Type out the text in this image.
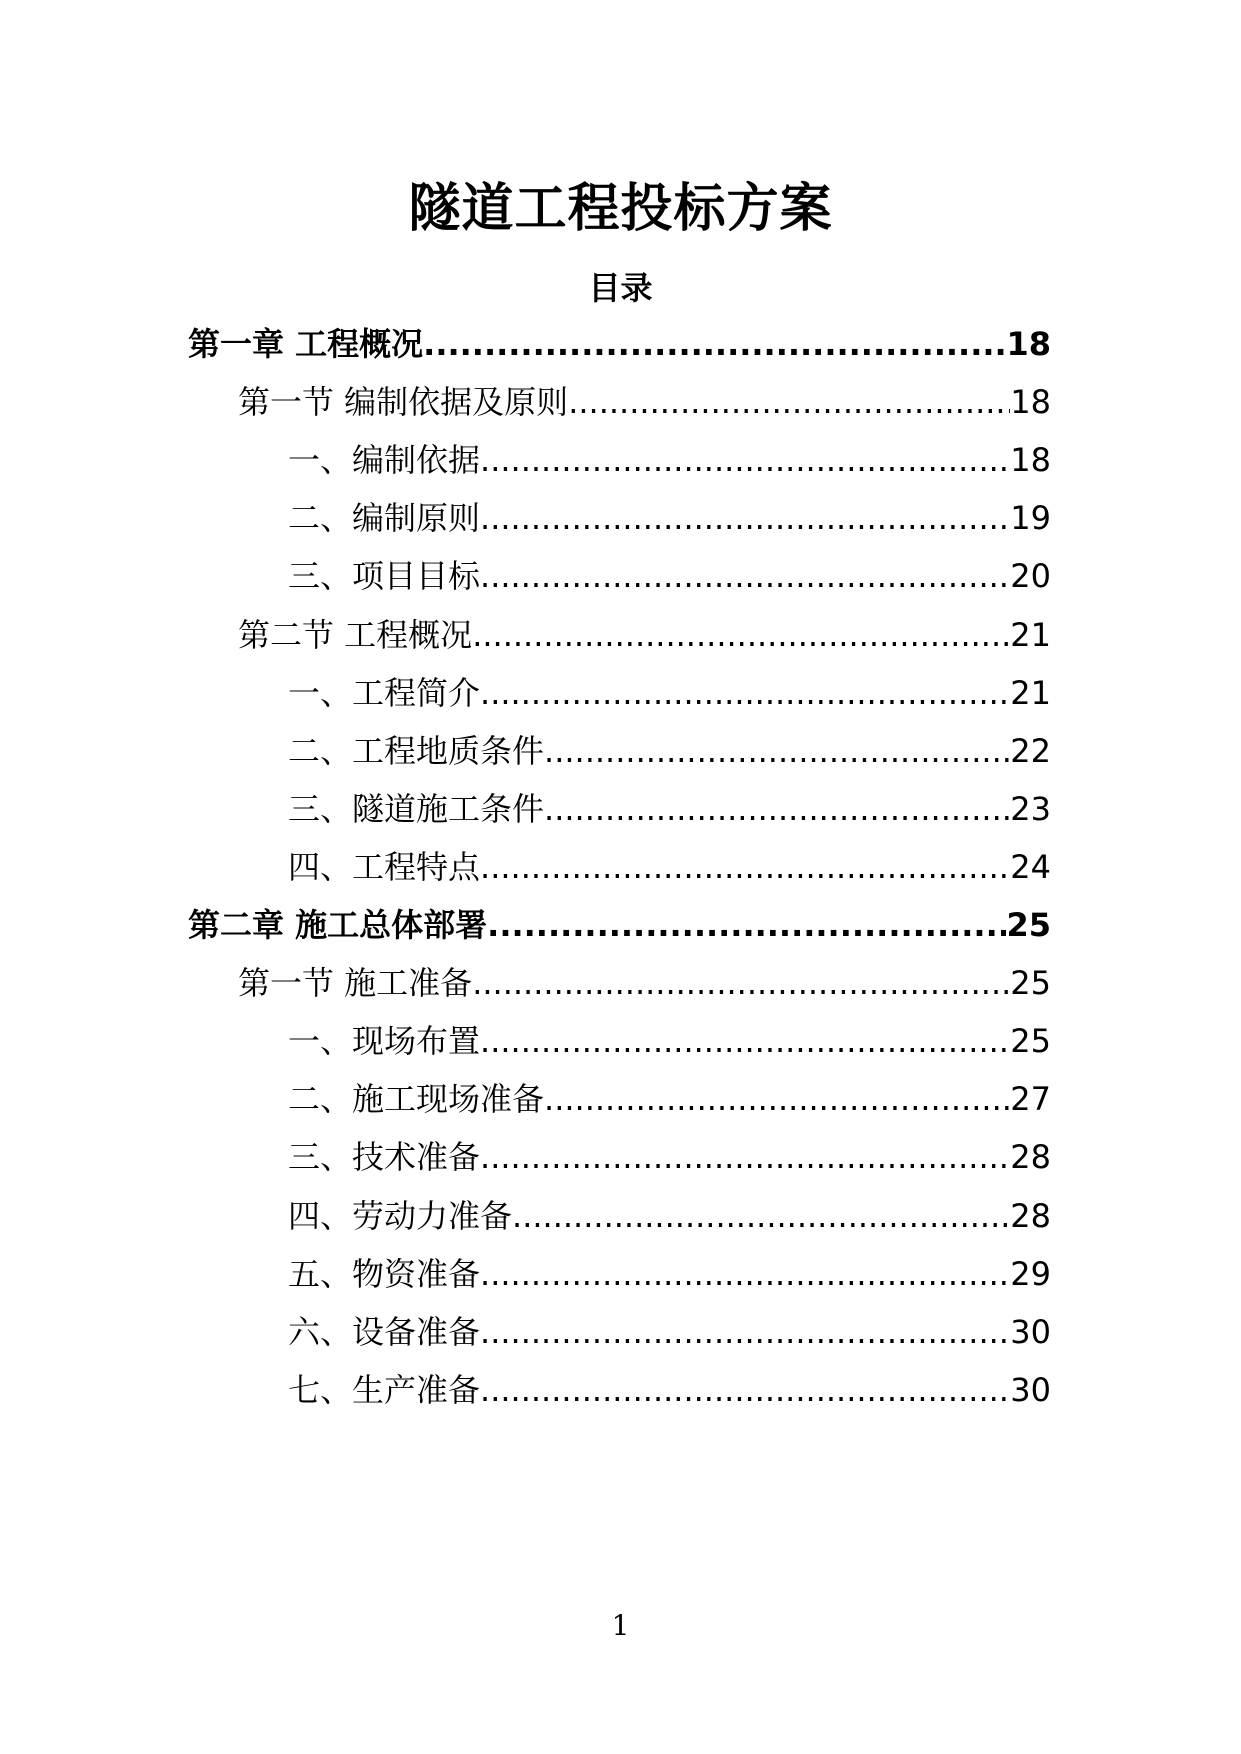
隧道工程投标方案
目录
第一章 工程概况 .....	18
第一节 编制依据及原则 .....	18
一、编制依据 .....	18
二、编制原则 .....	19
三、项目目标 .....	20
第二节 工程概况 .....	21
一、工程简介 .....	21
二、工程地质条件 .....	22
三、隧道施工条件 .....	23
四、工程特点 .....	24
第二章 施工总体部署 .....	25
第一节 施工准备 .....	25
一、现场布置 .....	25
二、施工现场准备 .....	27
三、技术准备 .....	28
四、劳动力准备 .....	28
五、物资准备 .....	29
六、设备准备 .....	30
七、生产准备 .....	30
1
